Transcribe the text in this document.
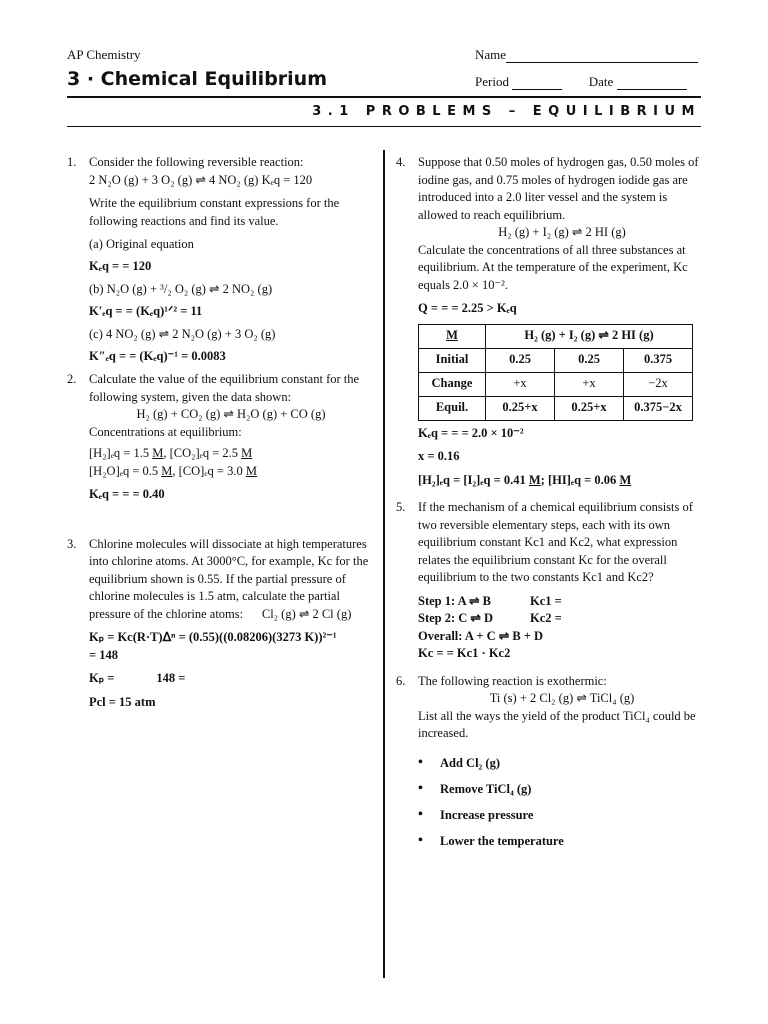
AP Chemistry
3 · Chemical Equilibrium
Name
Period	Date
3.1 PROBLEMS – EQUILIBRIUM
1. Consider the following reversible reaction:

2 N₂O (g) + 3 O₂ (g) ⇌ 4 NO₂ (g) Kₑq = 120

Write the equilibrium constant expressions for the following reactions and find its value.

(a) Original equation

Kₑq = = 120

(b) N₂O (g) + ³/₂ O₂ (g) ⇌ 2 NO₂ (g)

K′ₑq = = (Kₑq)¹ᐟ² = 11

(c) 4 NO₂ (g) ⇌ 2 N₂O (g) + 3 O₂ (g)

K″ₑq = = (Kₑq)⁻¹ = 0.0083

2. Calculate the value of the equilibrium constant for the following system, given the data shown:

H₂ (g) + CO₂ (g) ⇌ H₂O (g) + CO (g)

Concentrations at equilibrium:

[H₂]ₑq = 1.5 M, [CO₂]ₑq = 2.5 M

[H₂O]ₑq = 0.5 M, [CO]ₑq = 3.0 M

Kₑq = = = 0.40

3. Chlorine molecules will dissociate at high temperatures into chlorine atoms. At 3000°C, for example, Kc for the equilibrium shown is 0.55. If the partial pressure of chlorine molecules is 1.5 atm, calculate the partial pressure of the chlorine atoms: Cl₂ (g) ⇌ 2 Cl (g)

Kₚ = Kc(R·T)ᐃⁿ = (0.55)((0.08206)(3273 K))²⁻¹

= 148

Kₚ =	148 =

Pcl = 15 atm

4. Suppose that 0.50 moles of hydrogen gas, 0.50 moles of iodine gas, and 0.75 moles of hydrogen iodide gas are introduced into a 2.0 liter vessel and the system is allowed to reach equilibrium.

H₂ (g) + I₂ (g) ⇌ 2 HI (g)

Calculate the concentrations of all three substances at equilibrium. At the temperature of the experiment, Kc equals 2.0 × 10⁻².

Q = = = 2.25 > Kₑq

M	H₂ (g) + I₂ (g) ⇌ 2 HI (g)		
Initial	0.25	0.25	0.375
Change	+x	+x	−2x
Equil.	0.25+x	0.25+x	0.375−2x

Kₑq = = = 2.0 × 10⁻²

x = 0.16

[H₂]ₑq = [I₂]ₑq = 0.41 M; [HI]ₑq = 0.06 M

5. If the mechanism of a chemical equilibrium consists of two reversible elementary steps, each with its own equilibrium constant Kc1 and Kc2, what expression relates the equilibrium constant Kc for the overall equilibrium to the two constants Kc1 and Kc2?

Step 1: A ⇌ B	Kc1 =

Step 2: C ⇌ D	Kc2 =

Overall: A + C ⇌ B + D

Kc = = Kc1 · Kc2

6. The following reaction is exothermic:

Ti (s) + 2 Cl₂ (g) ⇌ TiCl₄ (g)

List all the ways the yield of the product TiCl₄ could be increased.

• Add Cl₂ (g)
• Remove TiCl₄ (g)
• Increase pressure
• Lower the temperature
